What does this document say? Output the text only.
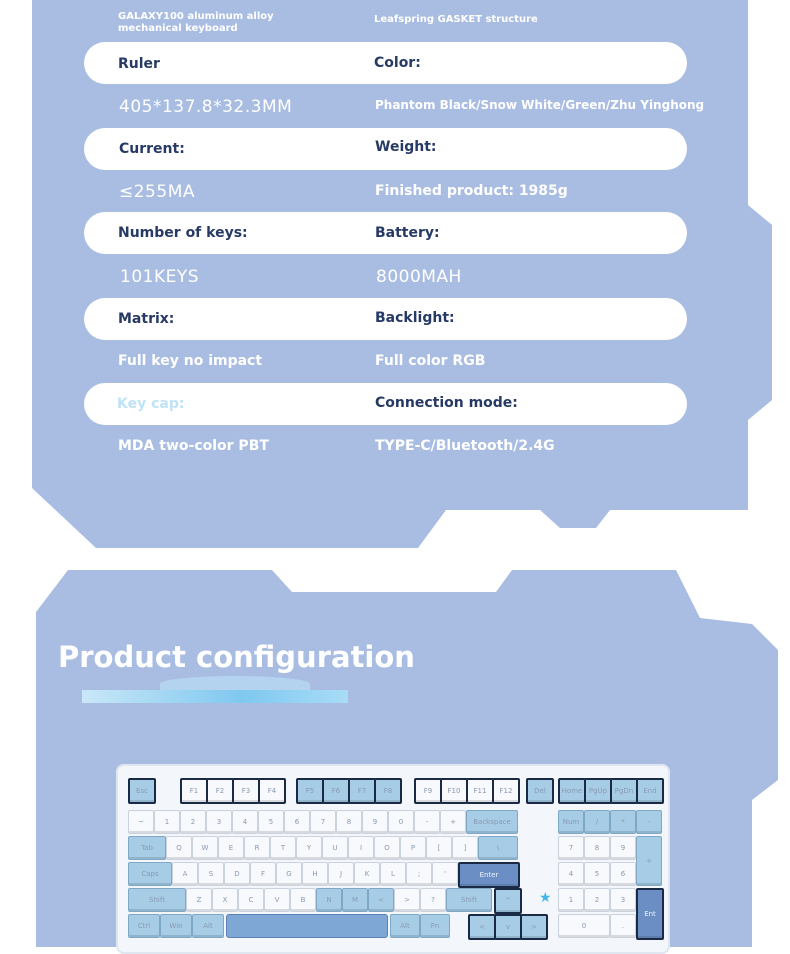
GALAXY100 aluminum alloy mechanical keyboard
Leafspring GASKET structure
Ruler	Color:
405*137.8*32.3MM	Phantom Black/Snow White/Green/Zhu Yinghong
Current:	Weight:
≤255MA	Finished product: 1985g
Number of keys:	Battery:
101KEYS	8000MAH
Matrix:	Backlight:
Full key no impact	Full color RGB
Key cap:	Connection mode:
MDA two-color PBT	TYPE-C/Bluetooth/2.4G
Product configuration
Esc	F1	F2	F3	F4	F5	F6	F7	F8	F9	F10	F11	F12	Del	Home PgUp	PgDn	End
~	1	2	3	4	5	6	7	8	9	0	-	+	Backspace	Num	/	*	-
Tab	Q	W	E	R	T	Y	U	I	O	P	[	]	\	7	8	9
+
Caps	A	S	D	F	G	H	J	K	L	;	'	Enter	4	5	6
Shift	Z	X	C	V	B	N	M	<	>	?	Shift	^	1	2	3
Ent
Ctrl	Win	Alt	Alt	Fn	<	v	>	0	.
★
